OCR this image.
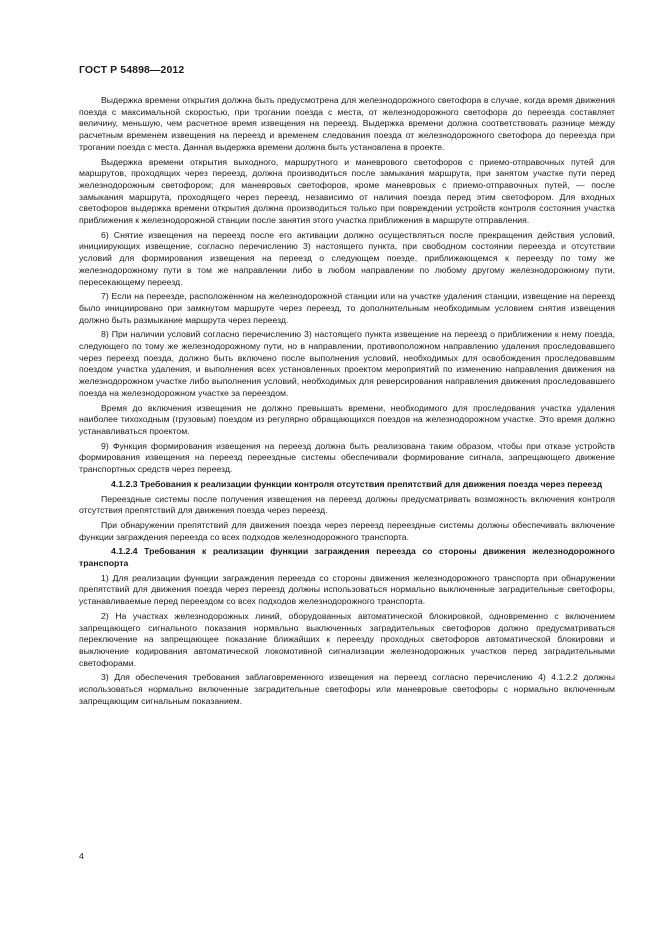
ГОСТ Р 54898—2012

Выдержка времени открытия должна быть предусмотрена для железнодорожного светофора в случае, когда время движения поезда с максимальной скоростью, при трогании поезда с места, от железнодорожного светофора до переезда составляет величину, меньшую, чем расчетное время извещения на переезд. Выдержка времени должна соответствовать разнице между расчетным временем извещения на переезд и временем следования поезда от железнодорожного светофора до переезда при трогании поезда с места. Данная выдержка времени должна быть установлена в проекте.

Выдержка времени открытия выходного, маршрутного и маневрового светофоров с приемо-отправочных путей для маршрутов, проходящих через переезд, должна производиться после замыкания маршрута, при занятом участке пути перед железнодорожным светофором; для маневровых светофоров, кроме маневровых с приемо-отправочных путей, — после замыкания маршрута, проходящего через переезд, независимо от наличия поезда перед этим светофором. Для входных светофоров выдержка времени открытия должна производиться только при повреждении устройств контроля состояния участка приближения к железнодорожной станции после занятия этого участка приближения в маршруте отправления.

6) Снятие извещения на переезд после его активации должно осуществляться после прекращения действия условий, инициирующих извещение, согласно перечислению 3) настоящего пункта, при свободном состоянии переезда и отсутствии условий для формирования извещения на переезд о следующем поезде, приближающемся к переезду по тому же железнодорожному пути в том же направлении либо в любом направлении по любому другому железнодорожному пути, пересекающему переезд.

7) Если на переезде, расположенном на железнодорожной станции или на участке удаления станции, извещение на переезд было инициировано при замкнутом маршруте через переезд, то дополнительным необходимым условием снятия извещения должно быть размыкание маршрута через переезд.

8) При наличии условий согласно перечислению 3) настоящего пункта извещение на переезд о приближении к нему поезда, следующего по тому же железнодорожному пути, но в направлении, противоположном направлению удаления проследовавшего через переезд поезда, должно быть включено после выполнения условий, необходимых для освобождения проследовавшим поездом участка удаления, и выполнения всех установленных проектом мероприятий по изменению направления движения на железнодорожном участке либо выполнения условий, необходимых для реверсирования направления движения проследовавшего поезда на железнодорожном участке за переездом.

Время до включения извещения не должно превышать времени, необходимого для проследования участка удаления наиболее тихоходным (грузовым) поездом из регулярно обращающихся поездов на железнодорожном участке. Это время должно устанавливаться проектом.

9) Функция формирования извещения на переезд должна быть реализована таким образом, чтобы при отказе устройств формирования извещения на переезд переездные системы обеспечивали формирование сигнала, запрещающего движение транспортных средств через переезд.

4.1.2.3 Требования к реализации функции контроля отсутствия препятствий для движения поезда через переезд

Переездные системы после получения извещения на переезд должны предусматривать возможность включения контроля отсутствия препятствий для движения поезда через переезд.

При обнаружении препятствий для движения поезда через переезд переездные системы должны обеспечивать включение функции заграждения переезда со всех подходов железнодорожного транспорта.

4.1.2.4 Требования к реализации функции заграждения переезда со стороны движения железнодорожного транспорта

1) Для реализации функции заграждения переезда со стороны движения железнодорожного транспорта при обнаружении препятствий для движения поезда через переезд должны использоваться нормально выключенные заградительные светофоры, устанавливаемые перед переездом со всех подходов железнодорожного транспорта.

2) На участках железнодорожных линий, оборудованных автоматической блокировкой, одновременно с включением запрещающего сигнального показания нормально выключенных заградительных светофоров должно предусматриваться переключение на запрещающее показание ближайших к переезду проходных светофоров автоматической блокировки и выключение кодирования автоматической локомотивной сигнализации железнодорожных участков перед заградительными светофорами.

3) Для обеспечения требования заблаговременного извещения на переезд согласно перечислению 4) 4.1.2.2 должны использоваться нормально включенные заградительные светофоры или маневровые светофоры с нормально включенным запрещающим сигнальным показанием.

4
